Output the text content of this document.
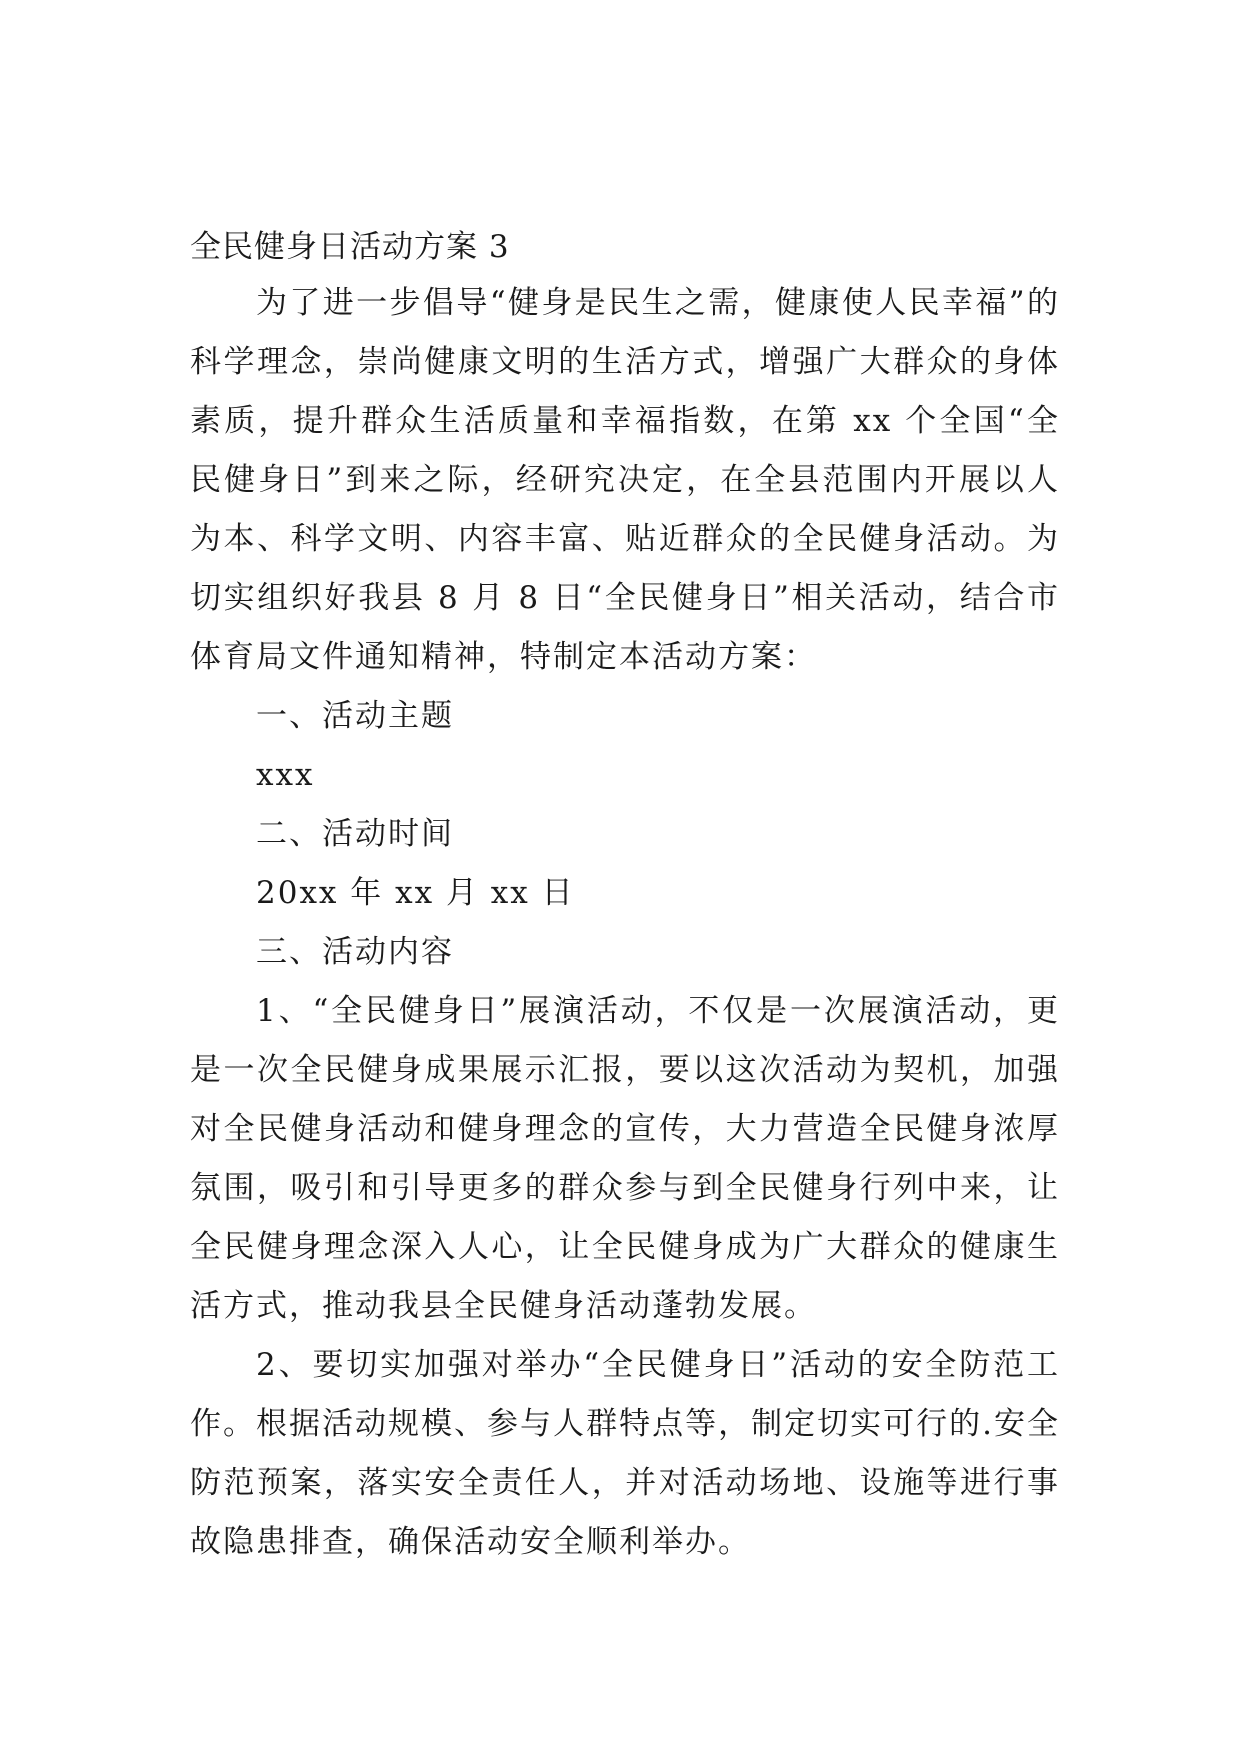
全民健身日活动方案 3

为了进一步倡导“健身是民生之需，健康使人民幸福”的科学理念，崇尚健康文明的生活方式，增强广大群众的身体素质，提升群众生活质量和幸福指数，在第 xx 个全国“全民健身日”到来之际，经研究决定，在全县范围内开展以人为本、科学文明、内容丰富、贴近群众的全民健身活动。为切实组织好我县 8 月 8 日“全民健身日”相关活动，结合市体育局文件通知精神，特制定本活动方案：

一、活动主题

xxx

二、活动时间

20xx 年 xx 月 xx 日

三、活动内容

1、“全民健身日”展演活动，不仅是一次展演活动，更是一次全民健身成果展示汇报，要以这次活动为契机，加强对全民健身活动和健身理念的宣传，大力营造全民健身浓厚氛围，吸引和引导更多的群众参与到全民健身行列中来，让全民健身理念深入人心，让全民健身成为广大群众的健康生活方式，推动我县全民健身活动蓬勃发展。

2、要切实加强对举办“全民健身日”活动的安全防范工作。根据活动规模、参与人群特点等，制定切实可行的.安全防范预案，落实安全责任人，并对活动场地、设施等进行事故隐患排查，确保活动安全顺利举办。
